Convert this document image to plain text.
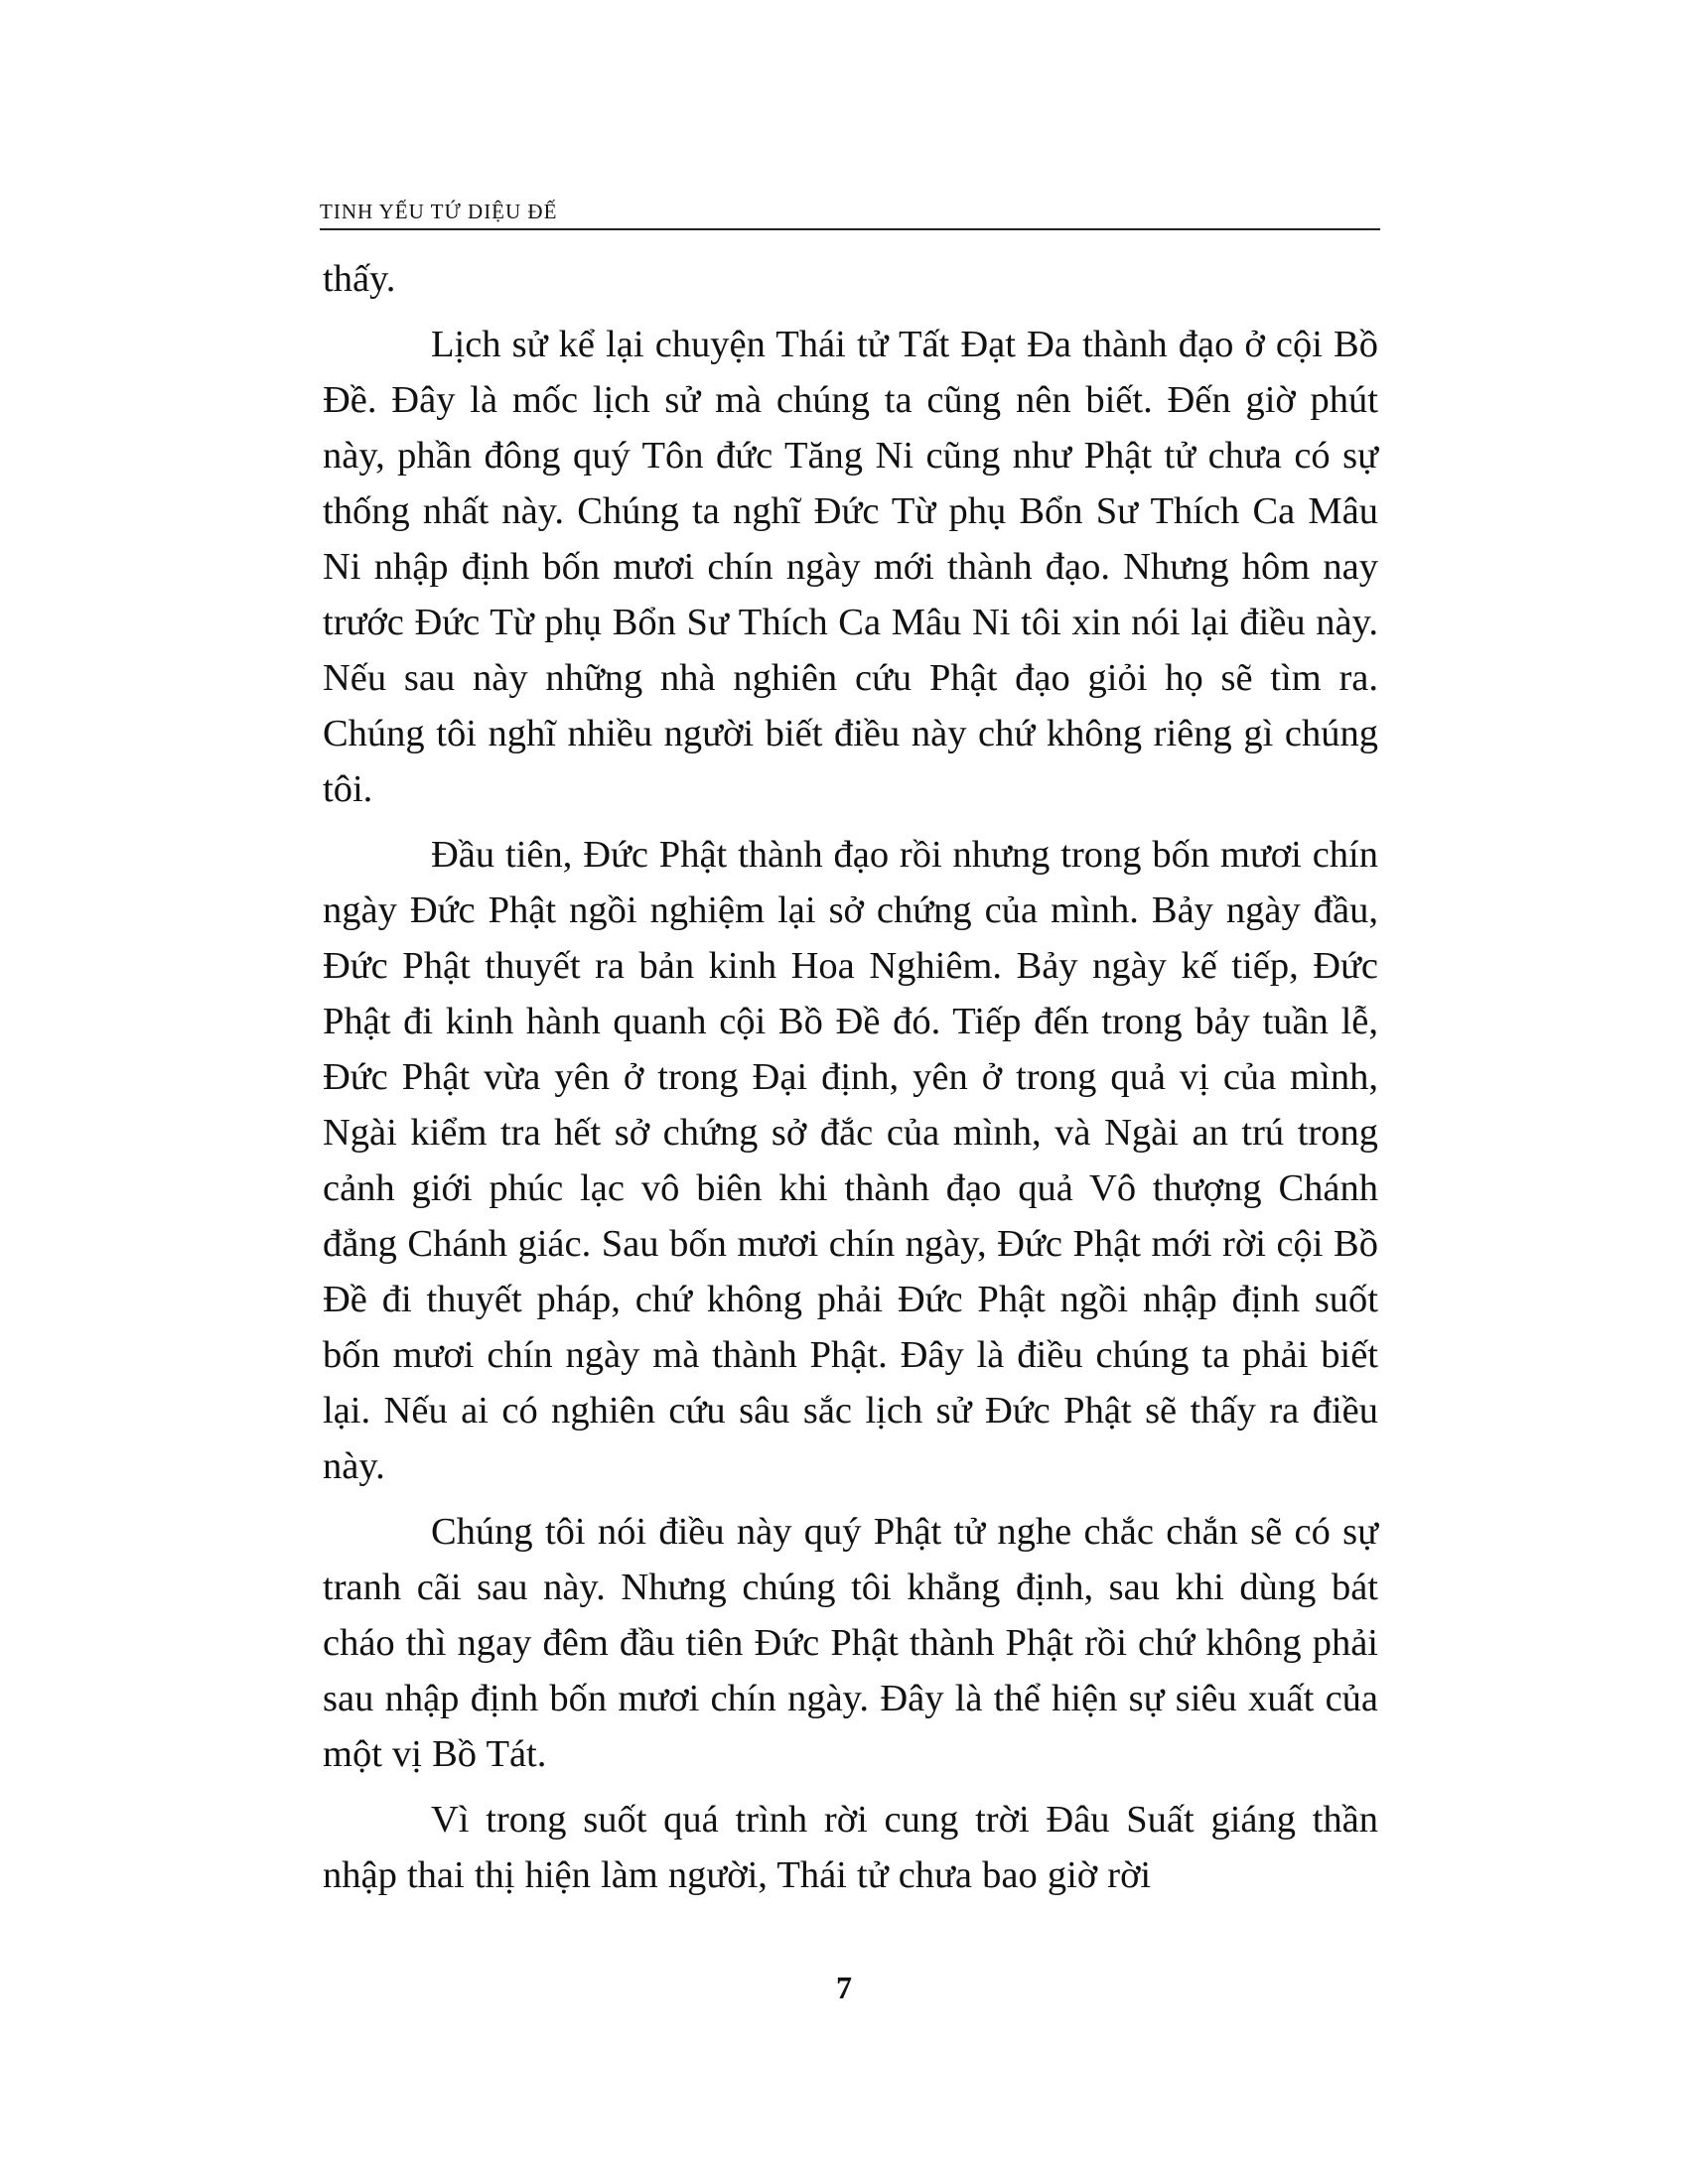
TINH YẾU TỨ DIỆU ĐẾ

thấy.

Lịch sử kể lại chuyện Thái tử Tất Đạt Đa thành đạo ở cội Bồ Đề. Đây là mốc lịch sử mà chúng ta cũng nên biết. Đến giờ phút này, phần đông quý Tôn đức Tăng Ni cũng như Phật tử chưa có sự thống nhất này. Chúng ta nghĩ Đức Từ phụ Bổn Sư Thích Ca Mâu Ni nhập định bốn mươi chín ngày mới thành đạo. Nhưng hôm nay trước Đức Từ phụ Bổn Sư Thích Ca Mâu Ni tôi xin nói lại điều này. Nếu sau này những nhà nghiên cứu Phật đạo giỏi họ sẽ tìm ra. Chúng tôi nghĩ nhiều người biết điều này chứ không riêng gì chúng tôi.

Đầu tiên, Đức Phật thành đạo rồi nhưng trong bốn mươi chín ngày Đức Phật ngồi nghiệm lại sở chứng của mình. Bảy ngày đầu, Đức Phật thuyết ra bản kinh Hoa Nghiêm. Bảy ngày kế tiếp, Đức Phật đi kinh hành quanh cội Bồ Đề đó. Tiếp đến trong bảy tuần lễ, Đức Phật vừa yên ở trong Đại định, yên ở trong quả vị của mình, Ngài kiểm tra hết sở chứng sở đắc của mình, và Ngài an trú trong cảnh giới phúc lạc vô biên khi thành đạo quả Vô thượng Chánh đẳng Chánh giác. Sau bốn mươi chín ngày, Đức Phật mới rời cội Bồ Đề đi thuyết pháp, chứ không phải Đức Phật ngồi nhập định suốt bốn mươi chín ngày mà thành Phật. Đây là điều chúng ta phải biết lại. Nếu ai có nghiên cứu sâu sắc lịch sử Đức Phật sẽ thấy ra điều này.

Chúng tôi nói điều này quý Phật tử nghe chắc chắn sẽ có sự tranh cãi sau này. Nhưng chúng tôi khẳng định, sau khi dùng bát cháo thì ngay đêm đầu tiên Đức Phật thành Phật rồi chứ không phải sau nhập định bốn mươi chín ngày. Đây là thể hiện sự siêu xuất của một vị Bồ Tát.

Vì trong suốt quá trình rời cung trời Đâu Suất giáng thần nhập thai thị hiện làm người, Thái tử chưa bao giờ rời

7
